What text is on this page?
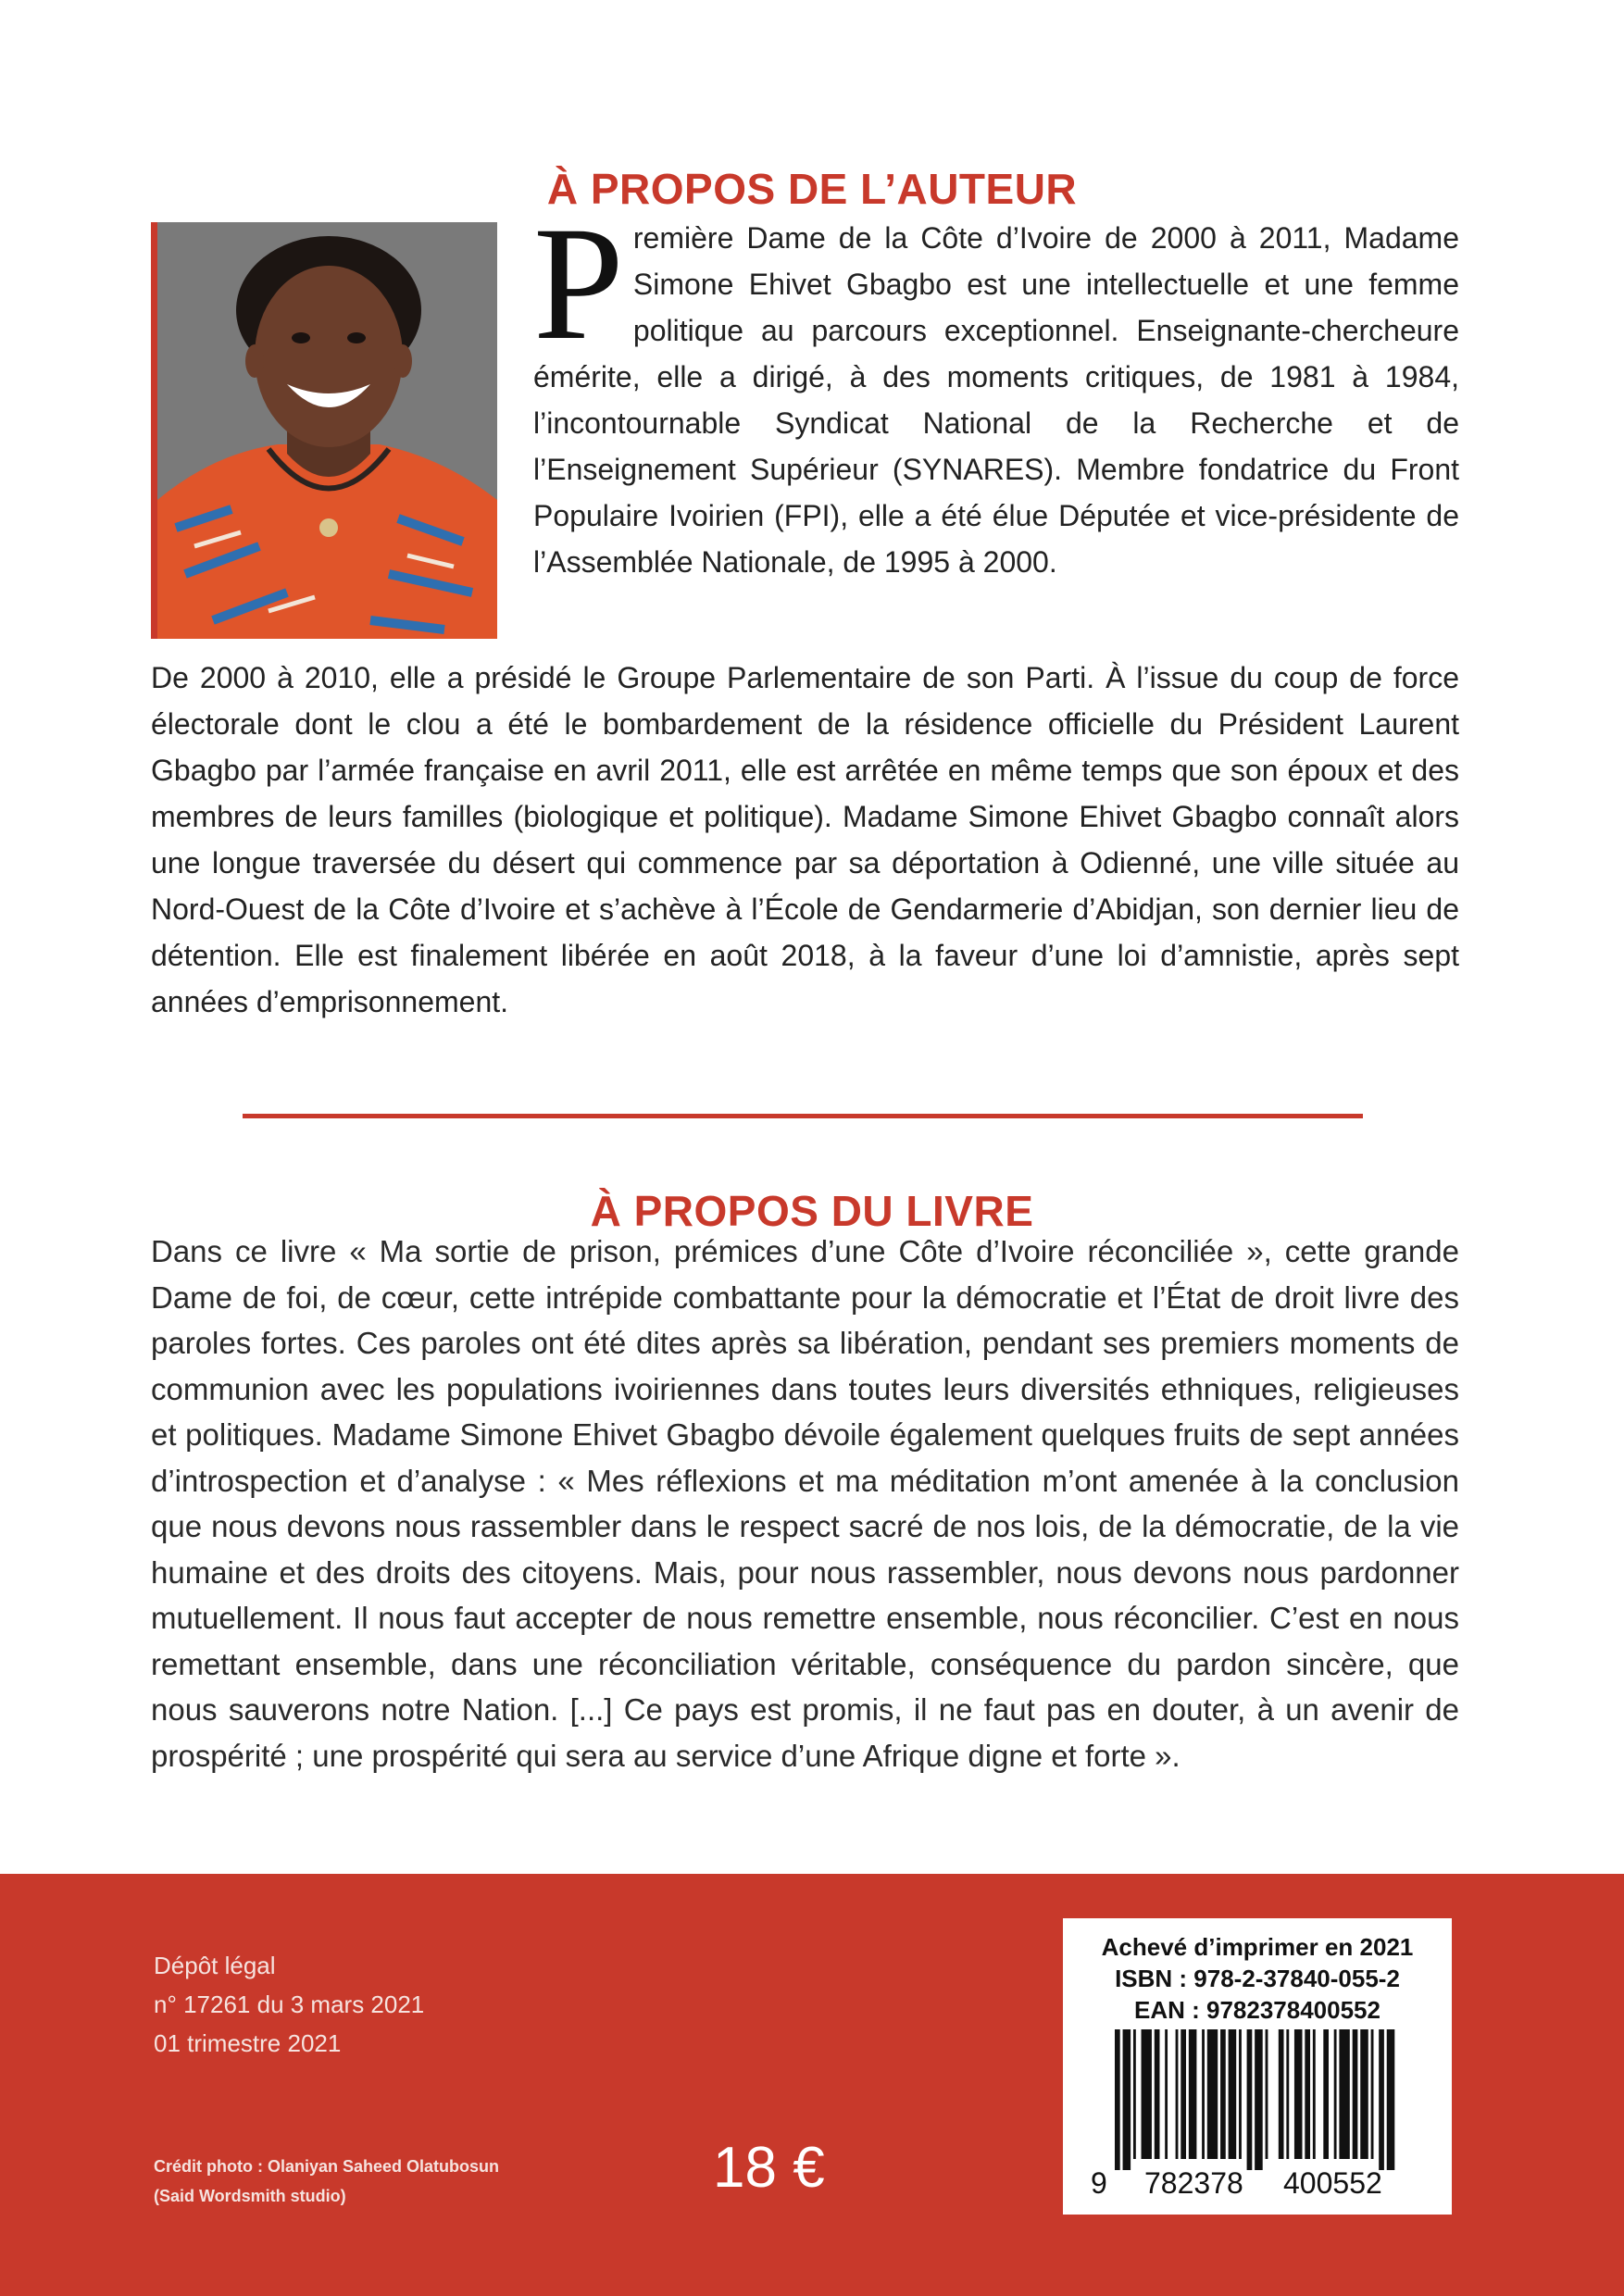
À PROPOS DE L’AUTEUR

Première Dame de la Côte d’Ivoire de 2000 à 2011, Madame Simone Ehivet Gbagbo est une intellectuelle et une femme politique au parcours exceptionnel. Enseignante-chercheure émérite, elle a dirigé, à des moments critiques, de 1981 à 1984, l’incontournable Syndicat National de la Recherche et de l’Enseignement Supérieur (SYNARES). Membre fondatrice du Front Populaire Ivoirien (FPI), elle a été élue Députée et vice-présidente de l’Assemblée Nationale, de 1995 à 2000.

De 2000 à 2010, elle a présidé le Groupe Parlementaire de son Parti. À l’issue du coup de force électorale dont le clou a été le bombardement de la résidence officielle du Président Laurent Gbagbo par l’armée française en avril 2011, elle est arrêtée en même temps que son époux et des membres de leurs familles (biologique et politique). Madame Simone Ehivet Gbagbo connaît alors une longue traversée du désert qui commence par sa déportation à Odienné, une ville située au Nord-Ouest de la Côte d’Ivoire et s’achève à l’École de Gendarmerie d’Abidjan, son dernier lieu de détention. Elle est finalement libérée en août 2018, à la faveur d’une loi d’amnistie, après sept années d’emprisonnement.

À PROPOS DU LIVRE

Dans ce livre « Ma sortie de prison, prémices d’une Côte d’Ivoire réconciliée », cette grande Dame de foi, de cœur, cette intrépide combattante pour la démocratie et l’État de droit livre des paroles fortes. Ces paroles ont été dites après sa libération, pendant ses premiers moments de communion avec les populations ivoiriennes dans toutes leurs diversités ethniques, religieuses et politiques. Madame Simone Ehivet Gbagbo dévoile également quelques fruits de sept années d’introspection et d’analyse : « Mes réflexions et ma méditation m’ont amenée à la conclusion que nous devons nous rassembler dans le respect sacré de nos lois, de la démocratie, de la vie humaine et des droits des citoyens. Mais, pour nous rassembler, nous devons nous pardonner mutuellement. Il nous faut accepter de nous remettre ensemble, nous réconcilier. C’est en nous remettant ensemble, dans une réconciliation véritable, conséquence du pardon sincère, que nous sauverons notre Nation. [...] Ce pays est promis, il ne faut pas en douter, à un avenir de prospérité ; une prospérité qui sera au service d’une Afrique digne et forte ».

Dépôt légal
n° 17261 du 3 mars 2021
01 trimestre 2021
Crédit photo : Olaniyan Saheed Olatubosun
(Said Wordsmith studio)	18 €
Achevé d’imprimer en 2021
ISBN : 978-2-37840-055-2
EAN : 9782378400552
9 782378 400552
